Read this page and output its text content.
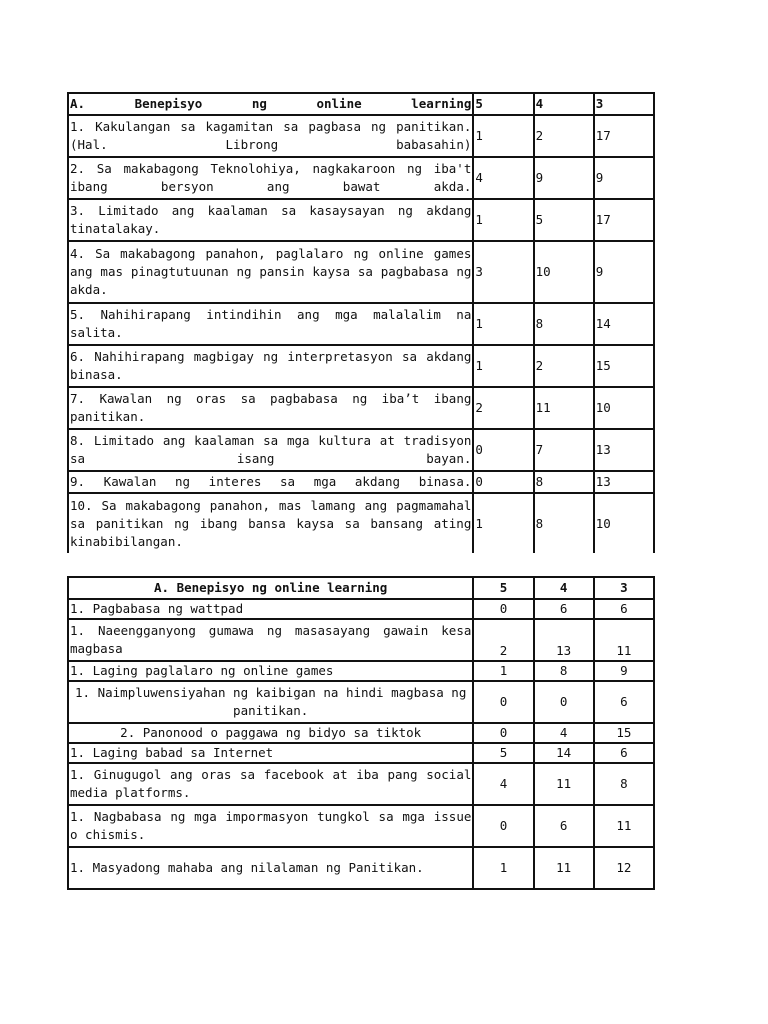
A. Benepisyo ng online learning	5	4	3
1. Kakulangan sa kagamitan sa pagbasa ng panitikan. (Hal. Librong babasahin)	1	2	17
2. Sa makabagong Teknolohiya, nagkakaroon ng iba't ibang bersyon ang bawat akda.	4	9	9
3. Limitado ang kaalaman sa kasaysayan ng akdang tinatalakay.	1	5	17
4. Sa makabagong panahon, paglalaro ng online games ang mas pinagtutuunan ng pansin kaysa sa pagbabasa ng akda.	3	10	9
5. Nahihirapang intindihin ang mga malalalim na salita.	1	8	14
6. Nahihirapang magbigay ng interpretasyon sa akdang binasa.	1	2	15
7. Kawalan ng oras sa pagbabasa ng iba’t ibang panitikan.	2	11	10
8. Limitado ang kaalaman sa mga kultura at tradisyon sa isang bayan.	0	7	13
9. Kawalan ng interes sa mga akdang binasa.	0	8	13
10. Sa makabagong panahon, mas lamang ang pagmamahal sa panitikan ng ibang bansa kaysa sa bansang ating kinabibilangan.	1	8	10
A. Benepisyo ng online learning	5	4	3
1. Pagbabasa ng wattpad	0	6	6
1. Naeengganyong gumawa ng masasayang gawain kesa magbasa	2	13	11
1. Laging paglalaro ng online games	1	8	9
1. Naimpluwensiyahan ng kaibigan na hindi magbasa ng panitikan.	0	0	6
2. Panonood o paggawa ng bidyo sa tiktok	0	4	15
1. Laging babad sa Internet	5	14	6
1. Ginugugol ang oras sa facebook at iba pang social media platforms.	4	11	8
1. Nagbabasa ng mga impormasyon tungkol sa mga issue o chismis.	0	6	11
1. Masyadong mahaba ang nilalaman ng Panitikan.	1	11	12
